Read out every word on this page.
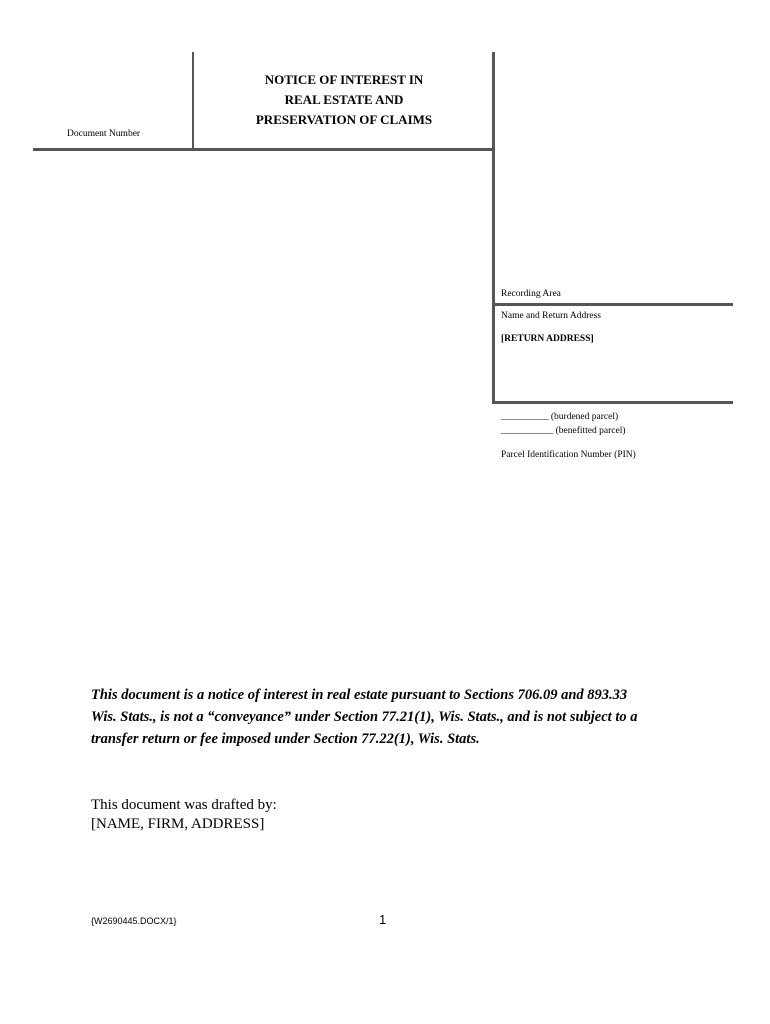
NOTICE OF INTEREST IN
REAL ESTATE AND
PRESERVATION OF CLAIMS
Document Number
Recording Area
Name and Return Address
[RETURN ADDRESS]
__________ (burdened parcel)
___________ (benefitted parcel)
Parcel Identification Number (PIN)
This document is a notice of interest in real estate pursuant to Sections 706.09 and 893.33
Wis. Stats., is not a “conveyance” under Section 77.21(1), Wis. Stats., and is not subject to a
transfer return or fee imposed under Section 77.22(1), Wis. Stats.
This document was drafted by:
[NAME, FIRM, ADDRESS]
{W2690445.DOCX/1}	1
